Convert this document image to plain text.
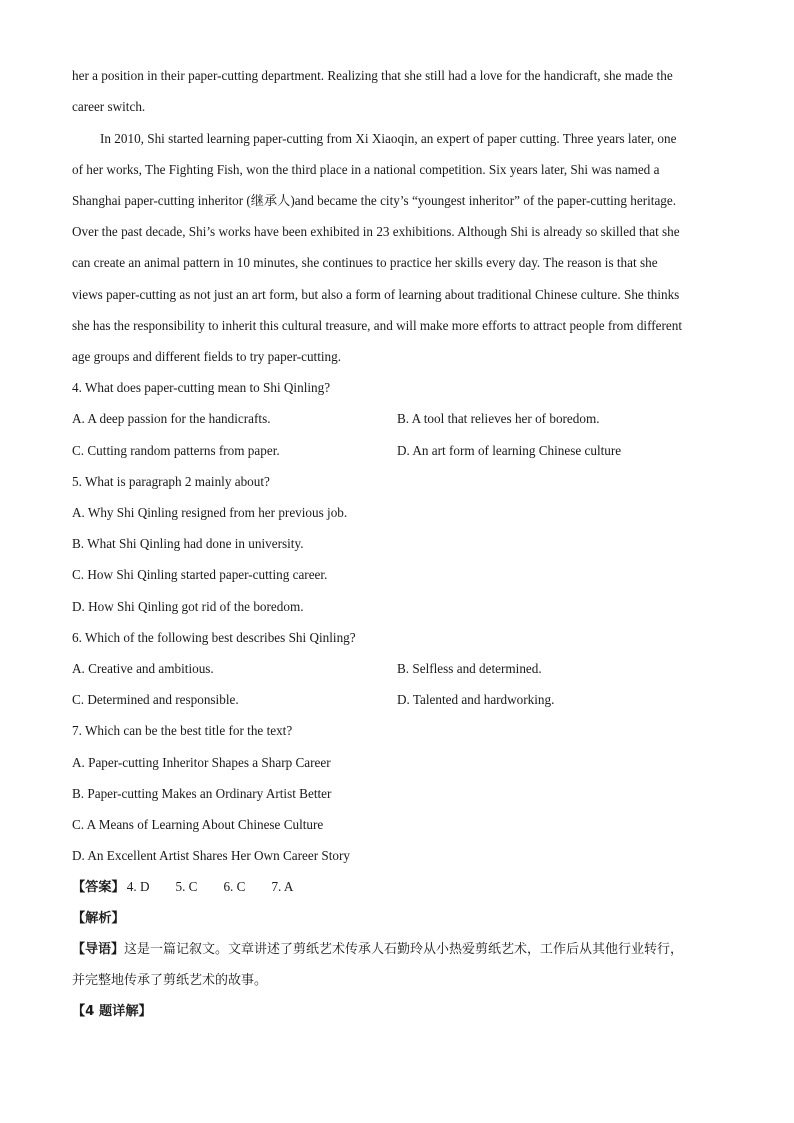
her a position in their paper-cutting department. Realizing that she still had a love for the handicraft, she made the
career switch.
In 2010, Shi started learning paper-cutting from Xi Xiaoqin, an expert of paper cutting. Three years later, one
of her works, The Fighting Fish, won the third place in a national competition. Six years later, Shi was named a
Shanghai paper-cutting inheritor (继承人)and became the city’s “youngest inheritor” of the paper-cutting heritage.
Over the past decade, Shi’s works have been exhibited in 23 exhibitions. Although Shi is already so skilled that she
can create an animal pattern in 10 minutes, she continues to practice her skills every day. The reason is that she
views paper-cutting as not just an art form, but also a form of learning about traditional Chinese culture. She thinks
she has the responsibility to inherit this cultural treasure, and will make more efforts to attract people from different
age groups and different fields to try paper-cutting.
4. What does paper-cutting mean to Shi Qinling?
A. A deep passion for the handicrafts.	B. A tool that relieves her of boredom.
C. Cutting random patterns from paper.	D. An art form of learning Chinese culture
5. What is paragraph 2 mainly about?
A. Why Shi Qinling resigned from her previous job.
B. What Shi Qinling had done in university.
C. How Shi Qinling started paper-cutting career.
D. How Shi Qinling got rid of the boredom.
6. Which of the following best describes Shi Qinling?
A. Creative and ambitious.	B. Selfless and determined.
C. Determined and responsible.	D. Talented and hardworking.
7. Which can be the best title for the text?
A. Paper-cutting Inheritor Shapes a Sharp Career
B. Paper-cutting Makes an Ordinary Artist Better
C. A Means of Learning About Chinese Culture
D. An Excellent Artist Shares Her Own Career Story
【答案】 4. D 5. C 6. C 7. A
【解析】
【导语】这是一篇记叙文。文章讲述了剪纸艺术传承人石勤玲从小热爱剪纸艺术，工作后从其他行业转行，
并完整地传承了剪纸艺术的故事。
【4 题详解】
